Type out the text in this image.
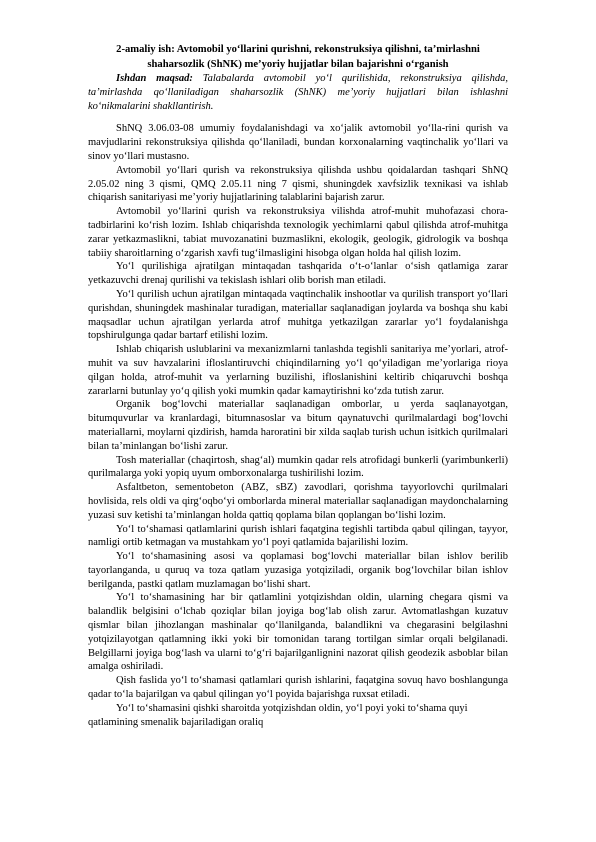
2-amaliy ish: Avtomobil yo‘llarini qurishni, rekonstruksiya qilishni, ta’mirlashni shaharsozlik (ShNK) me’yoriy hujjatlar bilan bajarishni o‘rganish

Ishdan maqsad: Talabalarda avtomobil yo‘l qurilishida, rekonstruksiya qilishda, ta’mirlashda qo‘llaniladigan shaharsozlik (ShNK) me’yoriy hujjatlari bilan ishlashni ko‘nikmalarini shakllantirish.

ShNQ 3.06.03-08 umumiy foydalanishdagi va xo‘jalik avtomobil yo‘lla-rini qurish va mavjudlarini rekonstruksiya qilishda qo‘llaniladi, bundan korxonalarning vaqtinchalik yo‘llari va sinov yo‘llari mustasno.

Avtomobil yo‘llari qurish va rekonstruksiya qilishda ushbu qoidalardan tashqari ShNQ 2.05.02 ning 3 qismi, QMQ 2.05.11 ning 7 qismi, shuningdek xavfsizlik texnikasi va ishlab chiqarish sanitariyasi me’yoriy hujjatlarining talablarini bajarish zarur.

Avtomobil yo‘llarini qurish va rekonstruksiya vilishda atrof-muhit muhofazasi chora-tadbirlarini ko‘rish lozim. Ishlab chiqarishda texnologik yechimlarni qabul qilishda atrof-muhitga zarar yetkazmaslikni, tabiat muvozanatini buzmaslikni, ekologik, geologik, gidrologik va boshqa tabiiy sharoitlarning o‘zgarish xavfi tug‘ilmasligini hisobga olgan holda hal qilish lozim.

Yo‘l qurilishiga ajratilgan mintaqadan tashqarida o‘t-o‘lanlar o‘sish qatlamiga zarar yetkazuvchi drenaj qurilishi va tekislash ishlari olib borish man etiladi.

Yo‘l qurilish uchun ajratilgan mintaqada vaqtinchalik inshootlar va qurilish transport yo‘llari qurishdan, shuningdek mashinalar turadigan, materiallar saqlanadigan joylarda va boshqa shu kabi maqsadlar uchun ajratilgan yerlarda atrof muhitga yetkazilgan zararlar yo‘l foydalanishga topshirulgunga qadar bartarf etilishi lozim.

Ishlab chiqarish uslublarini va mexanizmlarni tanlashda tegishli sanitariya me’yorlari, atrof-muhit va suv havzalarini ifloslantiruvchi chiqindilarning yo‘l qo‘yiladigan me’yorlariga rioya qilgan holda, atrof-muhit va yerlarning buzilishi, ifloslanishini keltirib chiqaruvchi boshqa zararlarni butunlay yo‘q qilish yoki mumkin qadar kamaytirishni ko‘zda tutish zarur.

Organik bog‘lovchi materiallar saqlanadigan omborlar, u yerda saqlanayotgan, bitumquvurlar va kranlardagi, bitumnasoslar va bitum qaynatuvchi qurilmalardagi bog‘lovchi materiallarni, moylarni qizdirish, hamda haroratini bir xilda saqlab turish uchun isitkich qurilmalari bilan ta’minlangan bo‘lishi zarur.

Tosh materiallar (chaqirtosh, shag‘al) mumkin qadar rels atrofidagi bunkerli (yarimbunkerli) qurilmalarga yoki yopiq uyum omborxonalarga tushirilishi lozim.

Asfaltbeton, sementobeton (ABZ, sBZ) zavodlari, qorishma tayyorlovchi qurilmalari hovlisida, rels oldi va qirg‘oqbo‘yi omborlarda mineral materiallar saqlanadigan maydonchalarning yuzasi suv ketishi ta’minlangan holda qattiq qoplama bilan qoplangan bo‘lishi lozim.

Yo‘l to‘shamasi qatlamlarini qurish ishlari faqatgina tegishli tartibda qabul qilingan, tayyor, namligi ortib ketmagan va mustahkam yo‘l poyi qatlamida bajarilishi lozim.

Yo‘l to‘shamasining asosi va qoplamasi bog‘lovchi materiallar bilan ishlov berilib tayorlanganda, u quruq va toza qatlam yuzasiga yotqiziladi, organik bog‘lovchilar bilan ishlov berilganda, pastki qatlam muzlamagan bo‘lishi shart.

Yo‘l to‘shamasining har bir qatlamlini yotqizishdan oldin, ularning chegara qismi va balandlik belgisini o‘lchab qoziqlar bilan joyiga bog‘lab olish zarur. Avtomatlashgan kuzatuv qismlar bilan jihozlangan mashinalar qo‘llanilganda, balandlikni va chegarasini belgilashni yotqizilayotgan qatlamning ikki yoki bir tomonidan tarang tortilgan simlar orqali belgilanadi. Belgillarni joyiga bog‘lash va ularni to‘g‘ri bajarilganlignini nazorat qilish geodezik asboblar bilan amalga oshiriladi.

Qish faslida yo‘l to‘shamasi qatlamlari qurish ishlarini, faqatgina sovuq havo boshlangunga qadar to‘la bajarilgan va qabul qilingan yo‘l poyida bajarishga ruxsat etiladi.

Yo‘l to‘shamasini qishki sharoitda yotqizishdan oldin, yo‘l poyi yoki to‘shama quyi qatlamining smenalik bajariladigan oraliq
